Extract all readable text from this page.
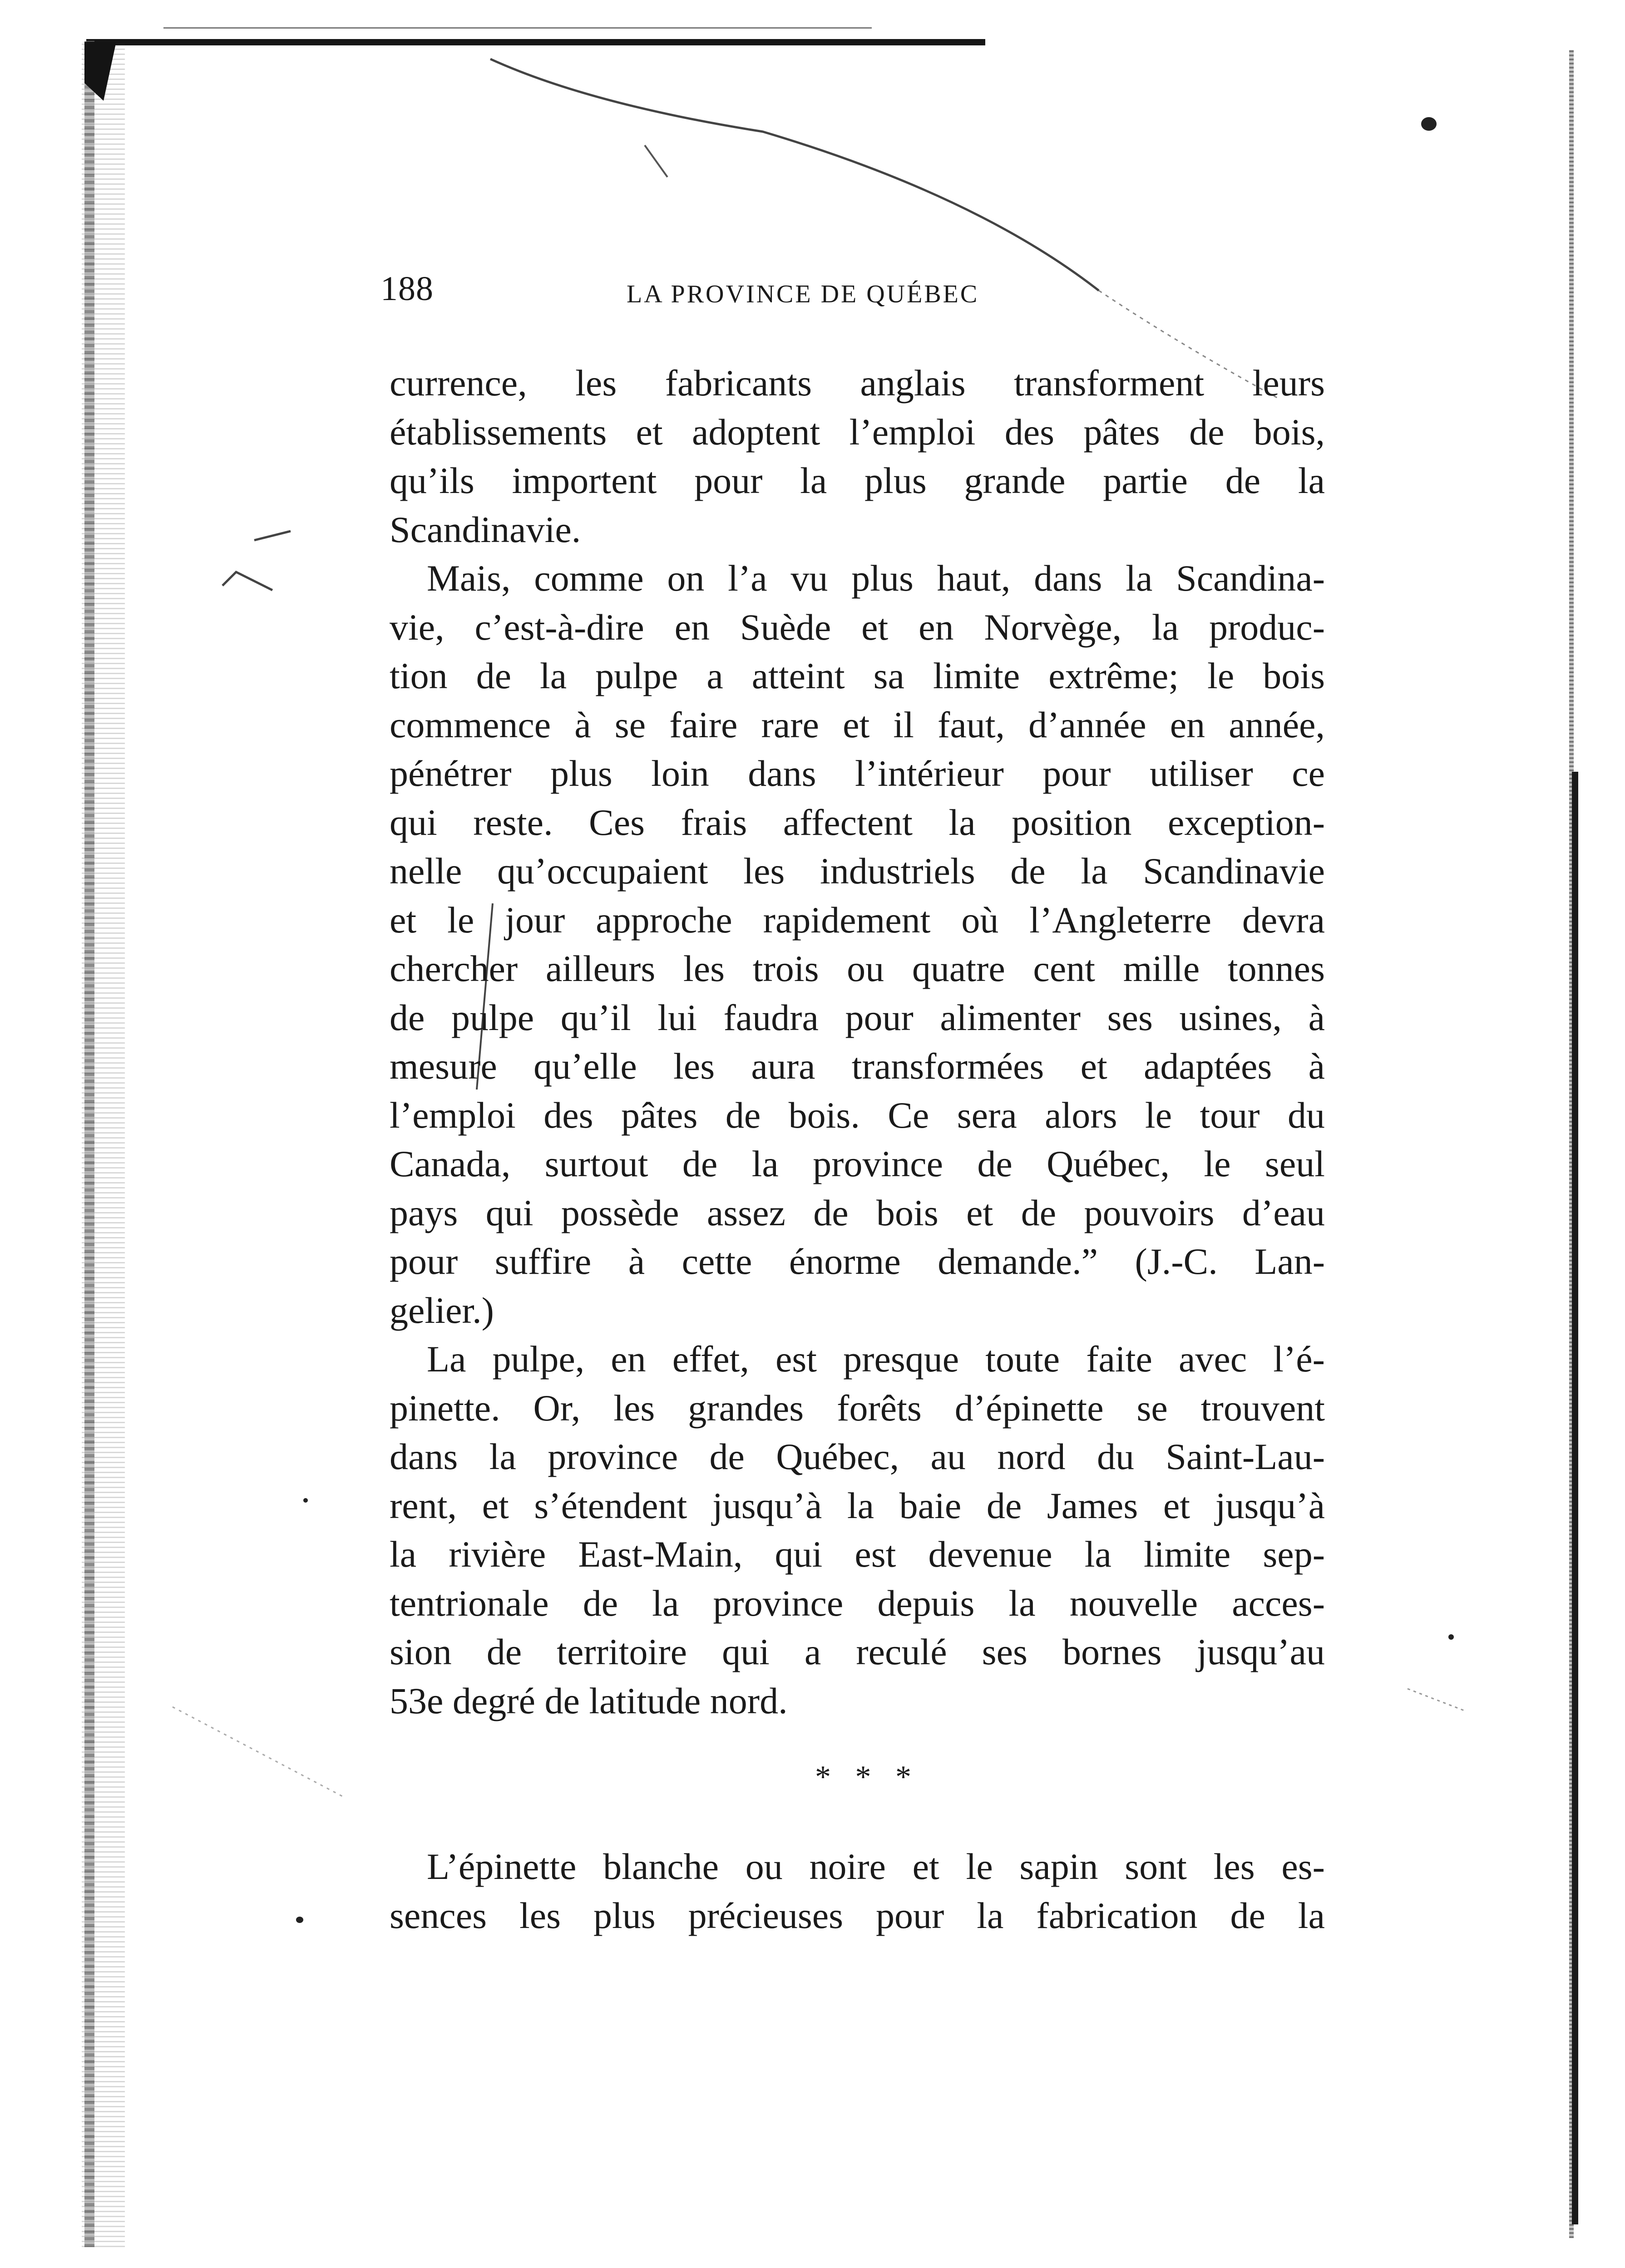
188	LA PROVINCE DE QUÉBEC
currence, les fabricants anglais transforment leurs
établissements et adoptent l’emploi des pâtes de bois,
qu’ils importent pour la plus grande partie de la
Scandinavie.
Mais, comme on l’a vu plus haut, dans la Scandina-
vie, c’est-à-dire en Suède et en Norvège, la produc-
tion de la pulpe a atteint sa limite extrême; le bois
commence à se faire rare et il faut, d’année en année,
pénétrer plus loin dans l’intérieur pour utiliser ce
qui reste. Ces frais affectent la position exception-
nelle qu’occupaient les industriels de la Scandinavie
et le jour approche rapidement où l’Angleterre devra
chercher ailleurs les trois ou quatre cent mille tonnes
de pulpe qu’il lui faudra pour alimenter ses usines, à
mesure qu’elle les aura transformées et adaptées à
l’emploi des pâtes de bois. Ce sera alors le tour du
Canada, surtout de la province de Québec, le seul
pays qui possède assez de bois et de pouvoirs d’eau
pour suffire à cette énorme demande.” (J.-C. Lan-
gelier.)
La pulpe, en effet, est presque toute faite avec l’é-
pinette. Or, les grandes forêts d’épinette se trouvent
dans la province de Québec, au nord du Saint-Lau-
rent, et s’étendent jusqu’à la baie de James et jusqu’à
la rivière East-Main, qui est devenue la limite sep-
tentrionale de la province depuis la nouvelle acces-
sion de territoire qui a reculé ses bornes jusqu’au
53e degré de latitude nord.
* * *
L’épinette blanche ou noire et le sapin sont les es-
sences les plus précieuses pour la fabrication de la
